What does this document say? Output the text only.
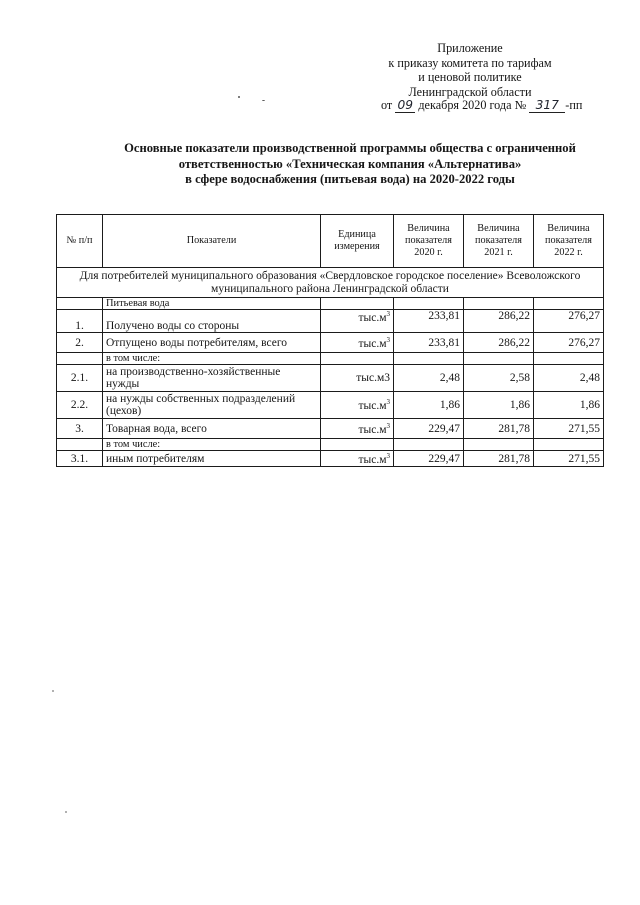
Приложение
к приказу комитета по тарифам
и ценовой политике
Ленинградской области
от 09 декабря 2020 года № 317 -пп
Основные показатели производственной программы общества с ограниченной
ответственностью «Техническая компания «Альтернатива»
в сфере водоснабжения (питьевая вода) на 2020-2022 годы
№ п/п	Показатели	Единица
измерения	Величина
показателя
2020 г.	Величина
показателя
2021 г.	Величина
показателя
2022 г.
Для потребителей муниципального образования «Свердловское городское поселение» Всеволожского
муниципального района Ленинградской области					
	Питьевая вода				
1.	Получено воды со стороны	$тыс.м^3$	233,81	286,22	276,27
2.	Отпущено воды потребителям, всего	$тыс.м^3$	233,81	286,22	276,27
	в том числе:				
2.1.	на производственно-хозяйственные
нужды	тыс.м3	2,48	2,58	2,48
2.2.	на нужды собственных подразделений
(цехов)	$тыс.м^3$	1,86	1,86	1,86
3.	Товарная вода, всего	$тыс.м^3$	229,47	281,78	271,55
	в том числе:				
3.1.	иным потребителям	$тыс.м^3$	229,47	281,78	271,55
